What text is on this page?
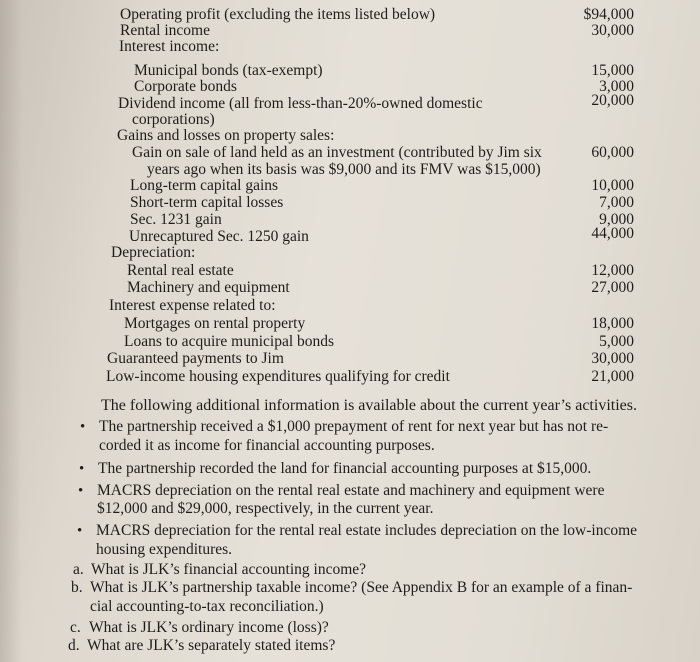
Operating profit (excluding the items listed below)	$94,000
Rental income	30,000
Interest income:
Municipal bonds (tax-exempt)	15,000
Corporate bonds	3,000
Dividend income (all from less-than-20%-owned domestic	20,000
corporations)
Gains and losses on property sales:
Gain on sale of land held as an investment (contributed by Jim six	60,000
years ago when its basis was $9,000 and its FMV was $15,000)
Long-term capital gains	10,000
Short-term capital losses	7,000
Sec. 1231 gain	9,000
Unrecaptured Sec. 1250 gain	44,000
Depreciation:
Rental real estate	12,000
Machinery and equipment	27,000
Interest expense related to:
Mortgages on rental property	18,000
Loans to acquire municipal bonds	5,000
Guaranteed payments to Jim	30,000
Low-income housing expenditures qualifying for credit	21,000
The following additional information is available about the current year’s activities.
• The partnership received a $1,000 prepayment of rent for next year but has not re-
corded it as income for financial accounting purposes.
• The partnership recorded the land for financial accounting purposes at $15,000.
• MACRS depreciation on the rental real estate and machinery and equipment were
$12,000 and $29,000, respectively, in the current year.
• MACRS depreciation for the rental real estate includes depreciation on the low-income
housing expenditures.
a. What is JLK’s financial accounting income?
b. What is JLK’s partnership taxable income? (See Appendix B for an example of a finan-
cial accounting-to-tax reconciliation.)
c. What is JLK’s ordinary income (loss)?
d. What are JLK’s separately stated items?
